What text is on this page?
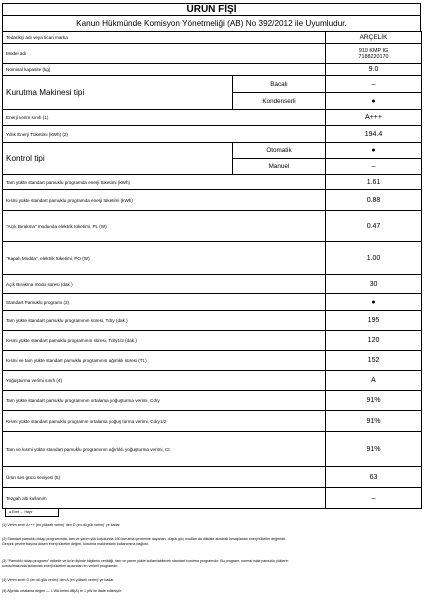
ÜRÜN FİŞİ
Kanun Hükmünde Komisyon Yönetmeliği (AB) No 392/2012 ile Uyumludur.
Tedarikçi adı veya ticari marka		ARÇELİK
Model adı		910 KMP IG
7188220170
Nominal kapasite (kg)		9.0
Kurutma Makinesi tipi	Bacalı	–
	Kondenserli	●
Enerji verim sınıfı (1)		A+++
Yıllık Enerji Tüketimi (kWh) (2)		194.4
Kontrol tipi	Otomatik	●
	Manuel	–
Tam yükte standart pamuklu programda enerji tüketimi (kWh)		1.61
Kısmi yükte standart pamuklu programda enerji tüketimi (kWh)		0.88
"Açık Bırakma" modunda elektrik tüketimi, PL (W)		0.47
"Kapalı Modda", elektrik tüketimi, PO (W)		1.00
Açık Bırakma modu süresi (dak.)		30
Standart Pamuklu programı (3)		●
Tam yükte standart pamuklu programının süresi, Tdry (dak.)		195
Kısmi yükte standart pamuklu programının süresi, Tdry1/2 (dak.)		120
Kısmi ve tam yükte standart pamuklu programının ağırlıklı süresi (Tt.)		152
Yoğuşturma verimi sınıfı (4)		A
Tam yükte standart pamuklu programının ortalama yoğuşturma verimi, Cdry		91%
Kısmi yükte standart pamuklu programın ortalama yoğuş turma verimi, Cdry1/2		91%
Tam ve kısmi yükte standart pamuklu programının ağırlıklı yoğuşturma verimi, Ct		91%
Ürün ses gücü seviyesi (5)		63
Tezgah altı kullanım		–
● Evet – Hayır
(1) Verim sınıfı A+++ (en yüksek verim) 'den D (en dü ̧şük verim)' ye kadar
(2) Standart pamuklu dolap programında, tam ve yarım yük koşulunda 160 kurutma çevrimine dayanan, düşük güç modları da dikkate alınarak hesaplanan enerji tüketim değeridir.
Gerçek çevrim başına düşen enerji tüketim değeri, kurutma makinesinin kullanımına bağlıdır.
(3) "Pamuklu dolap programı" etiketle ve ürün fişinde bilgilerin verildiği, tam ve yarım yükte kullanılabilecek standart kurutma programıdır. Bu program, normal ıslak pamuklu yüklerin
kurutulmasında kullanılan enerji tüketimi açısından en verimli programdır.
(4) Verim sınıfı G (en dü ̧şük verim)' den A (en yüksek verim)' ye kadar
(5) Ağırlıklı ortalama değeri — L WA birimi dB(A) re 1 pW ile ifade edilmiştir.
